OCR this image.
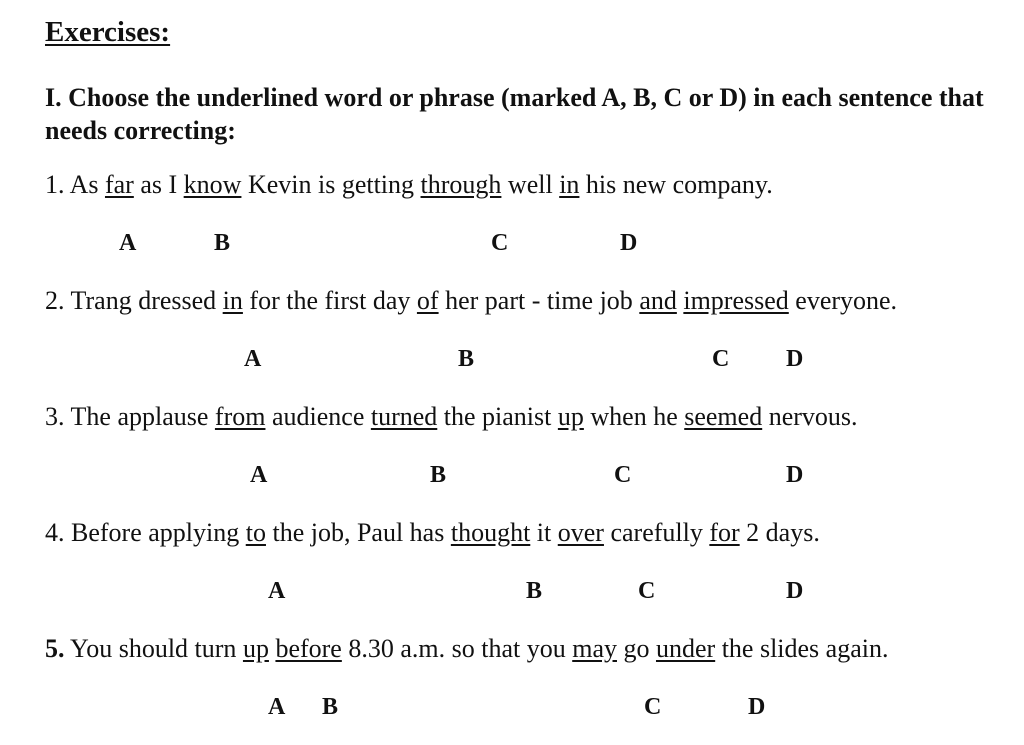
Exercises:
I. Choose the underlined word or phrase (marked A, B, C or D) in each sentence that needs correcting:
1. As far as I know Kevin is getting through well in his new company.
A	B	C	D
2. Trang dressed in for the first day of her part - time job and impressed everyone.
A	B	C D
3. The applause from audience turned the pianist up when he seemed nervous.
A	B	C	D
4. Before applying to the job, Paul has thought it over carefully for 2 days.
A	B	C	D
5. You should turn up before 8.30 a.m. so that you may go under the slides again.
A B	C	D
